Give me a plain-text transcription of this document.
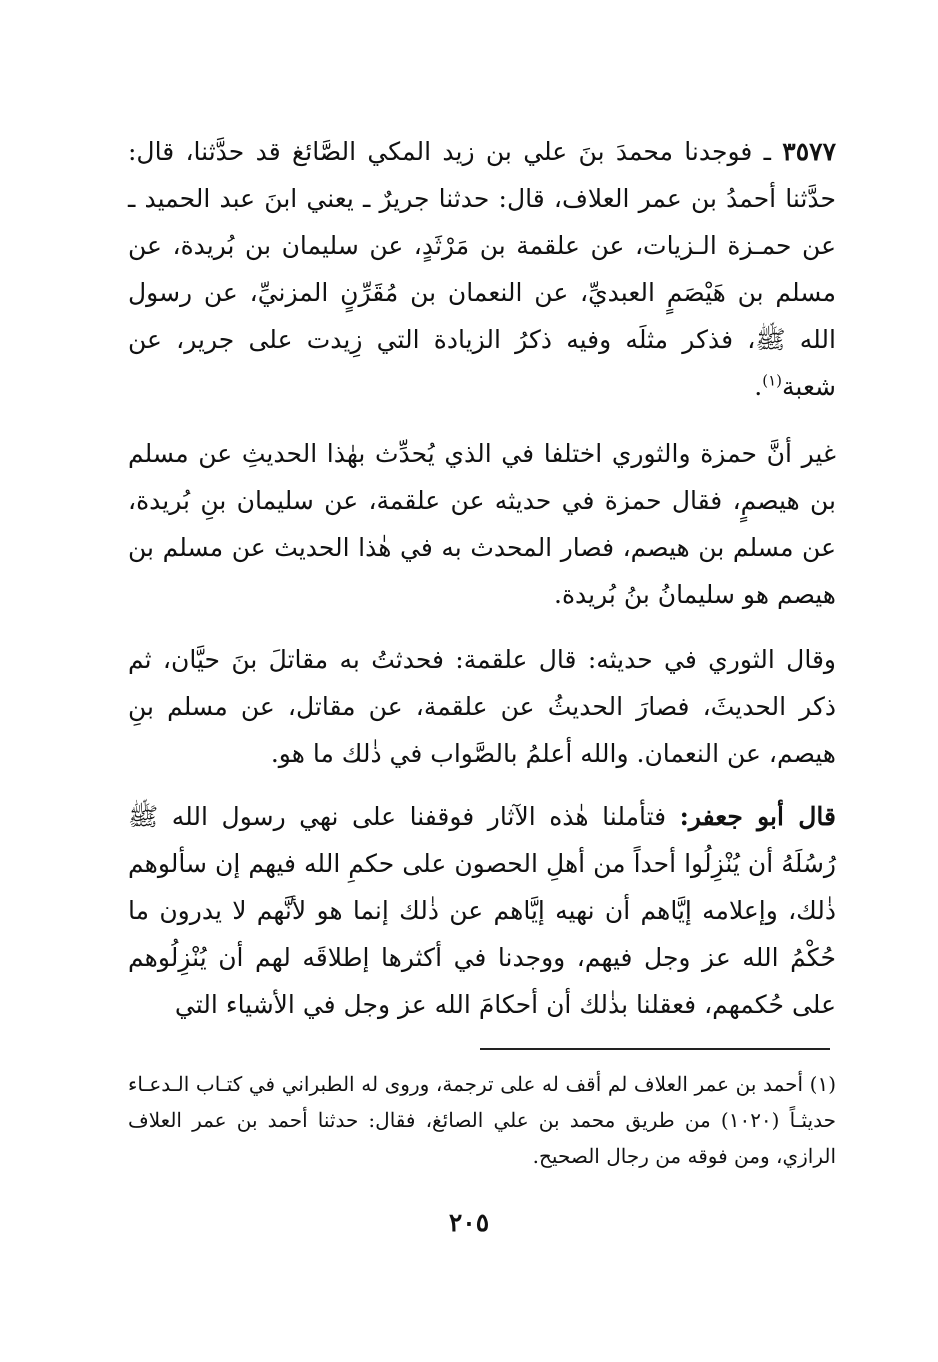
٣٥٧٧ ـ فوجدنا محمدَ بنَ علي بن زيد المكي الصَّائغ قد حدَّثنا، قال: حدَّثنا أحمدُ بن عمر العلاف، قال: حدثنا جريرٌ ـ يعني ابنَ عبد الحميد ـ عن حمـزة الـزيات، عن علقمة بن مَرْثَدٍ، عن سليمان بن بُريدة، عن مسلم بن هَيْصَمٍ العبديِّ، عن النعمان بن مُقَرِّنٍ المزنيِّ، عن رسول الله ﷺ، فذكر مثلَه وفيه ذكرُ الزيادة التي زِيدت على جرير، عن شعبة$^{(١)}$.

غير أنَّ حمزة والثوري اختلفا في الذي يُحدِّث بهٰذا الحديثِ عن مسلم بن هيصمٍ، فقال حمزة في حديثه عن علقمة، عن سليمان بنِ بُريدة، عن مسلم بن هيصم، فصار المحدث به في هٰذا الحديث عن مسلم بن هيصم هو سليمانُ بنُ بُريدة.

وقال الثوري في حديثه: قال علقمة: فحدثتُ به مقاتلَ بنَ حيَّان، ثم ذكر الحديثَ، فصارَ الحديثُ عن علقمة، عن مقاتل، عن مسلم بنِ هيصم، عن النعمان. والله أعلمُ بالصَّواب في ذٰلك ما هو.

قال أبو جعفر: فتأملنا هٰذه الآثار فوقفنا على نهي رسول الله ﷺ رُسُلَهُ أن يُنْزِلُوا أحداً من أهلِ الحصون على حكمِ الله فيهم إن سألوهم ذٰلك، وإعلامه إيَّاهم أن نهيه إيَّاهم عن ذٰلك إنما هو لأنَّهم لا يدرون ما حُكْمُ الله عز وجل فيهم، ووجدنا في أكثرها إطلاقَه لهم أن يُنْزِلُوهم على حُكمهم، فعقلنا بذٰلك أن أحكامَ الله عز وجل في الأشياء التي

(١) أحمد بن عمر العلاف لم أقف له على ترجمة، وروى له الطبراني في كتـاب الـدعـاء حديثـاً (١٠٢٠) من طريق محمد بن علي الصائغ، فقال: حدثنا أحمد بن عمر العلاف الرازي، ومن فوقه من رجال الصحيح.

٢٠٥
